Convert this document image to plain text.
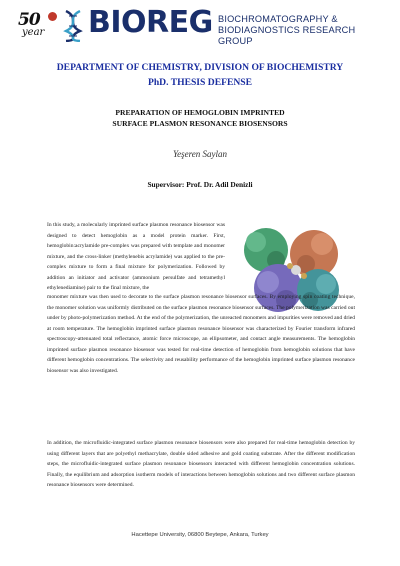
50
year BIOREG BIOCHROMATOGRAPHY &
BIODIAGNOSTICS RESEARCH GROUP
DEPARTMENT OF CHEMISTRY, DIVISION OF BIOCHEMISTRY
PhD. THESIS DEFENSE
PREPARATION OF HEMOGLOBIN IMPRINTED
SURFACE PLASMON RESONANCE BIOSENSORS
Yeşeren Saylan
Supervisor: Prof. Dr. Adil Denizli
In this study, a molecularly imprinted surface plasmon resonance biosensor was designed to detect hemoglobin as a model protein marker. First, hemoglobin:acrylamide pre-complex was prepared with template and monomer mixture, and the cross-linker (methylenebis acrylamide) was applied to the pre-complex mixture to form a final mixture for polymerization. Followed by addition an initiator and activator (ammonium persulfate and tetramethyl ethylenediamine) pair to the final mixture, the
monomer mixture was then used to decorate to the surface plasmon resonance biosensor surfaces. By employing spin coating technique, the monomer solution was uniformly distributed on the surface plasmon resonance biosensor surfaces. The polymerization was carried out under by photo-polymerization method. At the end of the polymerization, the unreacted monomers and impurities were removed and dried at room temperature. The hemoglobin imprinted surface plasmon resonance biosensor was characterized by Fourier transform infrared spectroscopy-attenuated total reflectance, atomic force microscope, an ellipsometer, and contact angle measurements. The hemoglobin imprinted surface plasmon resonance biosensor was tested for real-time detection of hemoglobin from hemoglobin solutions that have different hemoglobin concentrations. The selectivity and reusability performance of the hemoglobin imprinted surface plasmon resonance biosensor was also investigated.
In addition, the microfluidic-integrated surface plasmon resonance biosensors were also prepared for real-time hemoglobin detection by using different layers that are polyethyl methacrylate, double sided adhesive and gold coating substrate. After the different modification steps, the microfluidic-integrated surface plasmon resonance biosensors interacted with different hemoglobin concentration solutions. Finally, the equilibrium and adsorption isotherm models of interactions between hemoglobin solutions and two different surface plasmon resonance biosensors were determined.
Hacettepe University, 06800 Beytepe, Ankara, Turkey
